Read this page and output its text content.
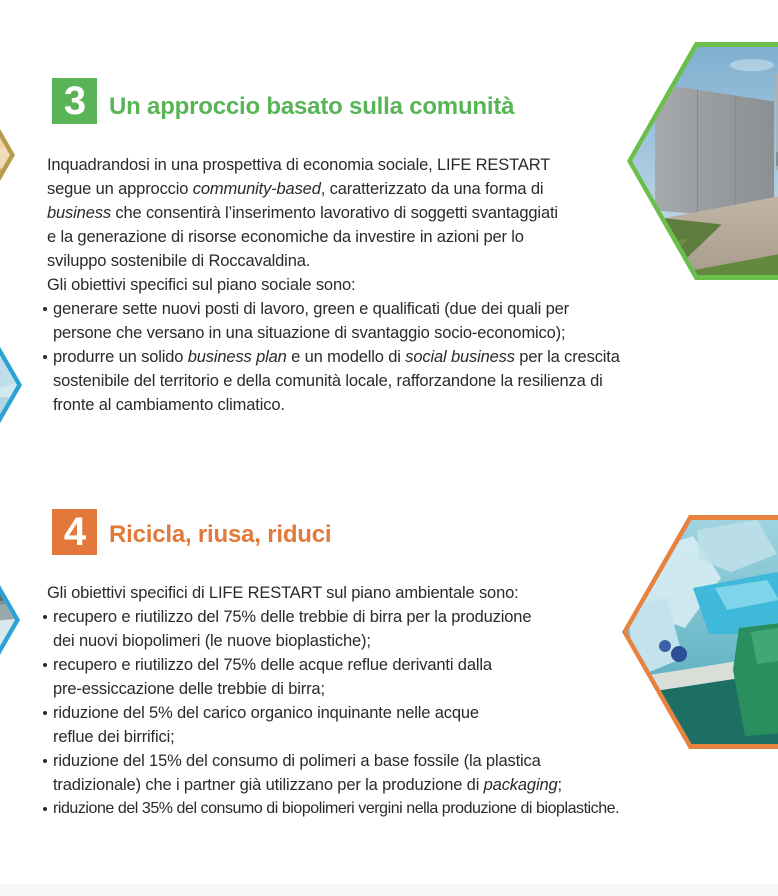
3 Un approccio basato sulla comunità
Inquadrandosi in una prospettiva di economia sociale, LIFE RESTART
segue un approccio community-based, caratterizzato da una forma di
business che consentirà l’inserimento lavorativo di soggetti svantaggiati
e la generazione di risorse economiche da investire in azioni per lo
sviluppo sostenibile di Roccavaldina.
Gli obiettivi specifici sul piano sociale sono:
generare sette nuovi posti di lavoro, green e qualificati (due dei quali per
persone che versano in una situazione di svantaggio socio-economico);
produrre un solido business plan e un modello di social business per la crescita
sostenibile del territorio e della comunità locale, rafforzandone la resilienza di
fronte al cambiamento climatico.
4 Ricicla, riusa, riduci
Gli obiettivi specifici di LIFE RESTART sul piano ambientale sono:
recupero e riutilizzo del 75% delle trebbie di birra per la produzione
dei nuovi biopolimeri (le nuove bioplastiche);
recupero e riutilizzo del 75% delle acque reflue derivanti dalla
pre-essiccazione delle trebbie di birra;
riduzione del 5% del carico organico inquinante nelle acque
reflue dei birrifici;
riduzione del 15% del consumo di polimeri a base fossile (la plastica
tradizionale) che i partner già utilizzano per la produzione di packaging;
riduzione del 35% del consumo di biopolimeri vergini nella produzione di bioplastiche.
